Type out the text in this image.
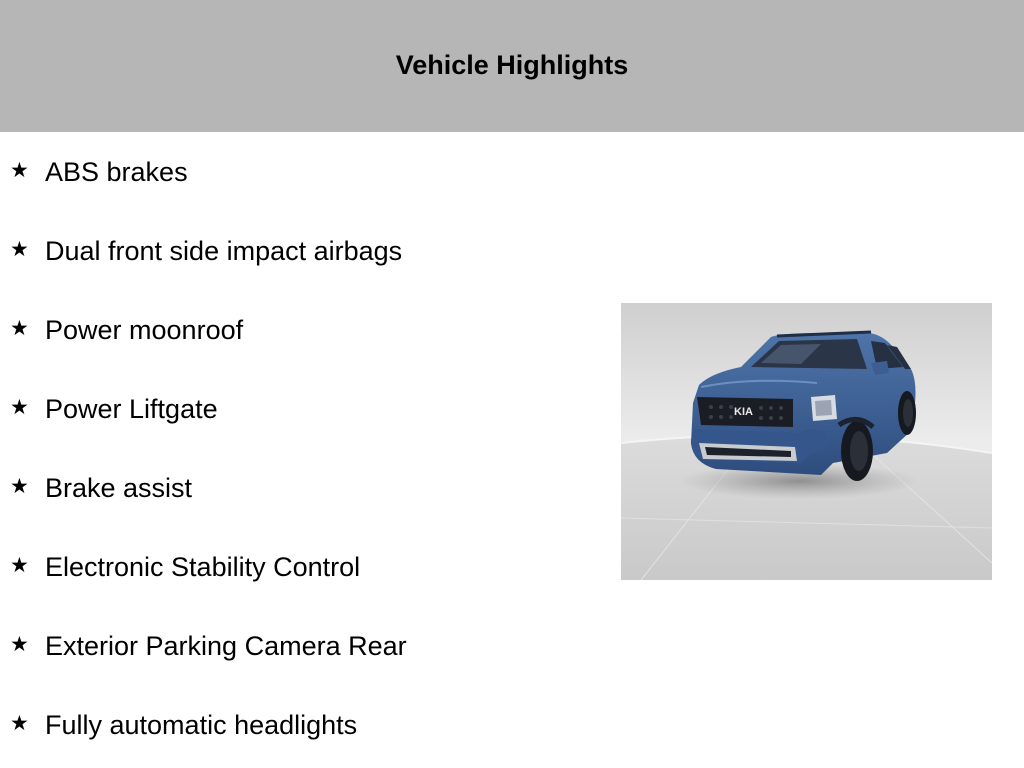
Vehicle Highlights
★ ABS brakes
★ Dual front side impact airbags
★ Power moonroof
★ Power Liftgate
★ Brake assist
★ Electronic Stability Control
★ Exterior Parking Camera Rear
★ Fully automatic headlights
KIA
